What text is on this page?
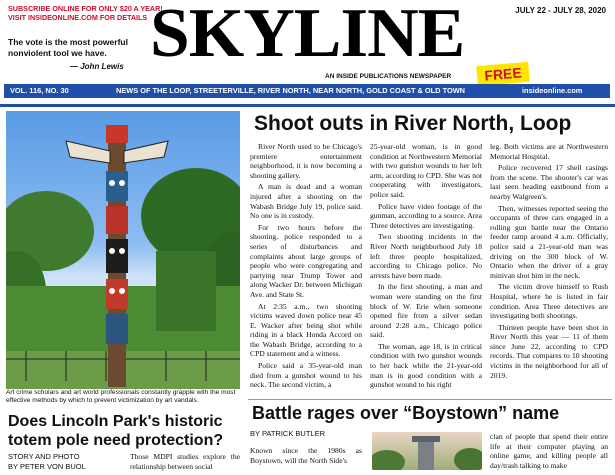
SUBSCRIBE ONLINE FOR ONLY $20 A YEAR!
VISIT INSIDEONLINE.COM FOR DETAILS
The vote is the most powerful nonviolent tool we have.
— John Lewis SKYLINE	JULY 22 - JULY 28, 2020
AN INSIDE PUBLICATIONS NEWSPAPER	FREE
VOL. 116, NO. 30	NEWS OF THE LOOP, STREETERVILLE, RIVER NORTH, NEAR NORTH, GOLD COAST & OLD TOWN	insideonline.com
Art crime scholars and art world professionals constantly grapple with the most effective methods by which to prevent victimization by art vandals.
Does Lincoln Park's historic totem pole need protection?
STORY AND PHOTO
BY PETER VON BUOL
Those MDPI studies explore the relationship between social
Shoot outs in River North, Loop

River North used to be Chicago's premiere entertainment neighborhood, it is now becoming a shooting gallery.

A man is dead and a woman injured after a shooting on the Wabash Bridge July 19, police said. No one is in custody.

For two hours before the shooting, police responded to a series of disturbances and complaints about large groups of people who were congregating and partying near Trump Tower and along Wacker Dr. between Michigan Ave. and State St.

At 2:35 a.m., two shooting victims waved down police near 45 E. Wacker after being shot while riding in a black Honda Accord on the Wabash Bridge, according to a CPD statement and a witness.

Police said a 35-year-old man died from a gunshot wound to his neck. The second victim, a

25-year-old woman, is in good condition at Northwestern Memorial with two gunshot wounds to her left arm, according to CPD. She was not cooperating with investigators, police said.

Police have video footage of the gunman, according to a source. Area Three detectives are investigating.

Two shooting incidents in the River North neighborhood July 18 left three people hospitalized, according to Chicago police. No arrests have been made.

In the first shooting, a man and woman were standing on the first block of W. Erie when someone opened fire from a silver sedan around 2:28 a.m., Chicago police said.

The woman, age 18, is in critical condition with two gunshot wounds to her back while the 21-year-old man is in good condition with a gunshot wound to his right

leg. Both victims are at Northwestern Memorial Hospital.

Police recovered 17 shell casings from the scene. The shooter's car was last seen heading eastbound from a nearby Walgreen's.

Then, witnesses reported seeing the occupants of three cars engaged in a rolling gun battle near the Ontario feeder ramp around 4 a.m. Officially, police said a 21-year-old man was driving on the 300 block of W. Ontario when the driver of a gray minivan shot him in the neck.

The victim drove himself to Rush Hospital, where he is listed in fair condition. Area Three detectives are investigating both shootings.

Thirteen people have been shot in River North this year — 11 of them since June 22, according to CPD records. That compares to 10 shooting victims in the neighborhood for all of 2019.

Battle rages over “Boystown” name
BY PATRICK BUTLER
Known since the 1980s as Boystown, will the North Side's
clan of people that spend their entire life at their computer playing an online game, and killing people all day/trash talking to make
